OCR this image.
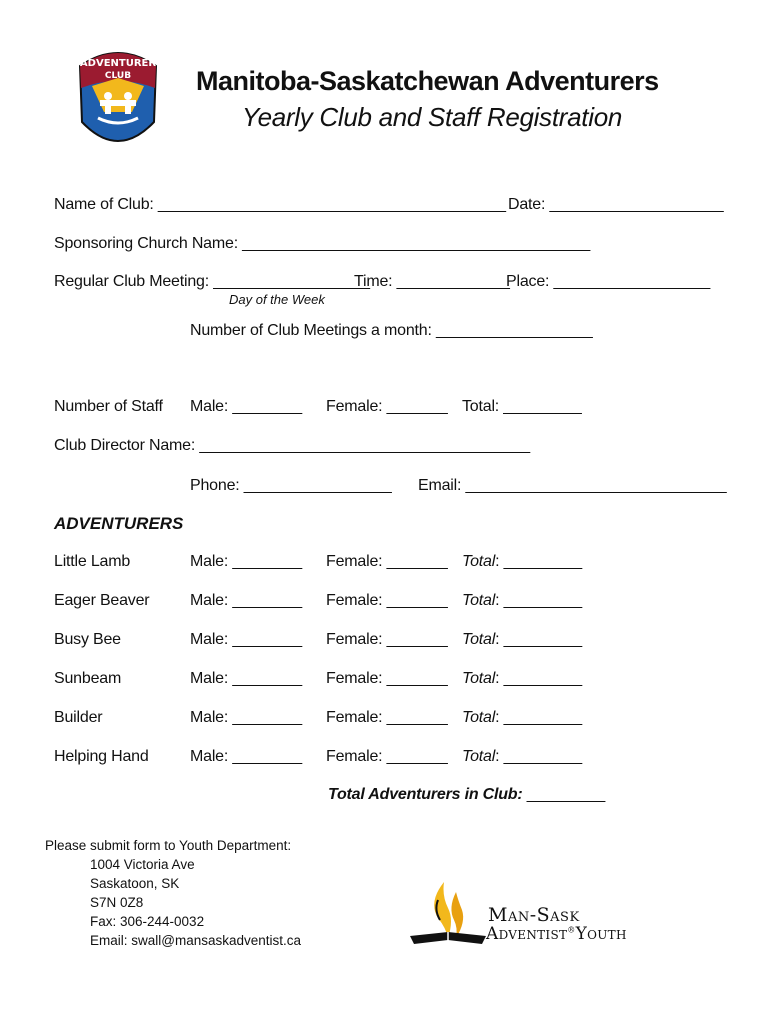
ADVENTURER
CLUB Manitoba-Saskatchewan Adventurers
Yearly Club and Staff Registration
Name of Club: ________________________________________ Date: ____________________
Sponsoring Church Name: ________________________________________
Regular Club Meeting: __________________
Time: _____________
Place: __________________
Day of the Week
Number of Club Meetings a month: __________________
Number of Staff Male: ________ Female: _______ Total: _________
Club Director Name: ______________________________________
Phone: _________________ Email: ______________________________
ADVENTURERS
Little Lamb	Male: ________ Female: _______ Total: _________
Eager Beaver	Male: ________ Female: _______ Total: _________
Busy Bee	Male: ________ Female: _______ Total: _________
Sunbeam	Male: ________ Female: _______ Total: _________
Builder	Male: ________ Female: _______ Total: _________
Helping Hand	Male: ________ Female: _______ Total: _________
Total Adventurers in Club: _________
Please submit form to Youth Department:
1004 Victoria Ave
Saskatoon, SK
S7N 0Z8
Fax: 306-244-0032
Email: swall@mansaskadventist.ca
Man-Sask
Adventist®Youth
